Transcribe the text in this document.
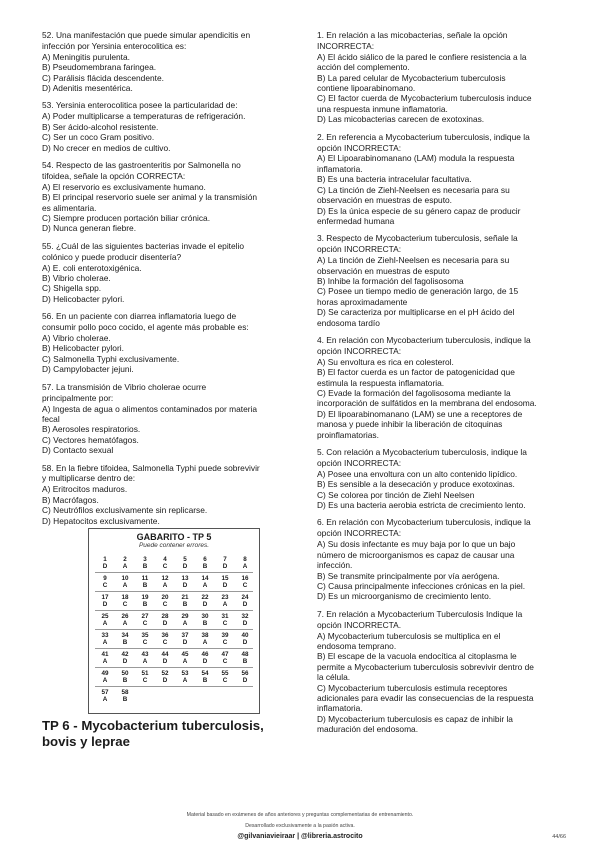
52. Una manifestación que puede simular apendicitis en

infección por Yersinia enterocolitica es:

A) Meningitis purulenta.

B) Pseudomembrana faringea.

C) Parálisis flácida descendente.

D) Adenitis mesentérica.

53. Yersinia enterocolitica posee la particularidad de:

A) Poder multiplicarse a temperaturas de refrigeración.

B) Ser ácido-alcohol resistente.

C) Ser un coco Gram positivo.

D) No crecer en medios de cultivo.

54. Respecto de las gastroenteritis por Salmonella no

tifoidea, señale la opción CORRECTA:

A) El reservorio es exclusivamente humano.

B) El principal reservorio suele ser animal y la transmisión

es alimentaria.

C) Siempre producen portación biliar crónica.

D) Nunca generan fiebre.

55. ¿Cuál de las siguientes bacterias invade el epitelio

colónico y puede producir disentería?

A) E. coli enterotoxigénica.

B) Vibrio cholerae.

C) Shigella spp.

D) Helicobacter pylori.

56. En un paciente con diarrea inflamatoria luego de

consumir pollo poco cocido, el agente más probable es:

A) Vibrio cholerae.

B) Helicobacter pylori.

C) Salmonella Typhi exclusivamente.

D) Campylobacter jejuni.

57. La transmisión de Vibrio cholerae ocurre

principalmente por:

A) Ingesta de agua o alimentos contaminados por materia

fecal

B) Aerosoles respiratorios.

C) Vectores hematófagos.

D) Contacto sexual

58. En la fiebre tifoidea, Salmonella Typhi puede sobrevivir

y multiplicarse dentro de:

A) Eritrocitos maduros.

B) Macrófagos.

C) Neutrófilos exclusivamente sin replicarse.

D) Hepatocitos exclusivamente.

1. En relación a las micobacterias, señale la opción

INCORRECTA:

A) El ácido siálico de la pared le confiere resistencia a la

acción del complemento.

B) La pared celular de Mycobacterium tuberculosis

contiene lipoarabinomano.

C) El factor cuerda de Mycobacterium tuberculosis induce

una respuesta inmune inflamatoria.

D) Las micobacterias carecen de exotoxinas.

2. En referencia a Mycobacterium tuberculosis, indique la

opción INCORRECTA:

A) El Lipoarabinomanano (LAM) modula la respuesta

inflamatoria.

B) Es una bacteria intracelular facultativa.

C) La tinción de Ziehl-Neelsen es necesaria para su

observación en muestras de esputo.

D) Es la única especie de su género capaz de producir

enfermedad humana

3. Respecto de Mycobacterium tuberculosis, señale la

opción INCORRECTA:

A) La tinción de Ziehl-Neelsen es necesaria para su

observación en muestras de esputo

B) Inhibe la formación del fagolisosoma

C) Posee un tiempo medio de generación largo, de 15

horas aproximadamente

D) Se caracteriza por multiplicarse en el pH ácido del

endosoma tardío

4. En relación con Mycobacterium tuberculosis, indique la

opción INCORRECTA:

A) Su envoltura es rica en colesterol.

B) El factor cuerda es un factor de patogenicidad que

estimula la respuesta inflamatoria.

C) Evade la formación del fagolisosoma mediante la

incorporación de sulfátidos en la membrana del endosoma.

D) El lipoarabinomanano (LAM) se une a receptores de

manosa y puede inhibir la liberación de citoquinas

proinflamatorias.

5. Con relación a Mycobacterium tuberculosis, indique la

opción INCORRECTA:

A) Posee una envoltura con un alto contenido lipídico.

B) Es sensible a la desecación y produce exotoxinas.

C) Se colorea por tinción de Ziehl Neelsen

D) Es una bacteria aerobia estricta de crecimiento lento.

6. En relación con Mycobacterium tuberculosis, indique la

opción INCORRECTA:

A) Su dosis infectante es muy baja por lo que un bajo

número de microorganismos es capaz de causar una

infección.

B) Se transmite principalmente por vía aerógena.

C) Causa principalmente infecciones crónicas en la piel.

D) Es un microorganismo de crecimiento lento.

7. En relación a Mycobacterium Tuberculosis Indique la

opción INCORRECTA.

A) Mycobacterium tuberculosis se multiplica en el

endosoma temprano.

B) El escape de la vacuola endocítica al citoplasma le

permite a Mycobacterium tuberculosis sobrevivir dentro de

la célula.

C) Mycobacterium tuberculosis estimula receptores

adicionales para evadir las consecuencias de la respuesta

inflamatoria.

D) Mycobacterium tuberculosis es capaz de inhibir la

maduración del endosoma.

GABARITO - TP 5
Puede contener errores.
1
D
2
A
3
B
4
C
5
D
6
B
7
D
8
A
9
C
10
A
11
B
12
A
13
D
14
A
15
D
16
C
17
D
18
C
19
B
20
C
21
B
22
D
23
A
24
D
25
A
26
A
27
C
28
D
29
A
30
B
31
C
32
D
33
A
34
B
35
C
36
C
37
D
38
A
39
C
40
D
41
A
42
D
43
A
44
D
45
A
46
D
47
C
48
B
49
A
50
B
51
C
52
D
53
A
54
B
55
C
56
D
57
A
58
B
TP 6 - Mycobacterium tuberculosis,
bovis y leprae
Material basado en exámenes de años anteriores y preguntas complementarias de entrenamiento.
Desarrollado exclusivamente a la pasión activa.
@gilvaniavieiraar | @libreria.astrocito	44/66
